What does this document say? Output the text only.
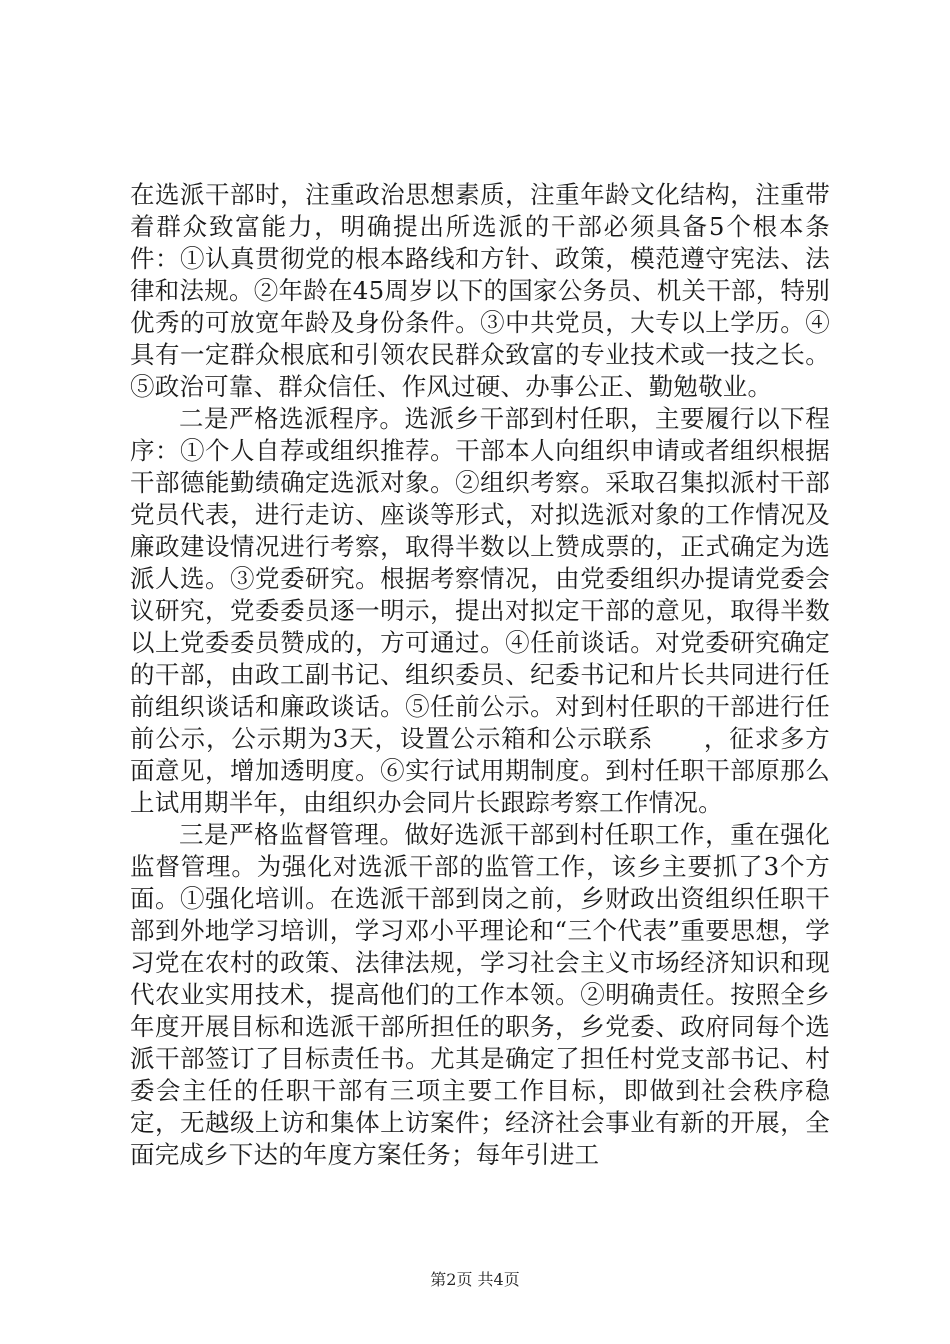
在选派干部时，注重政治思想素质，注重年龄文化结构，注重带着群众致富能力，明确提出所选派的干部必须具备5个根本条件：①认真贯彻党的根本路线和方针、政策，模范遵守宪法、法律和法规。②年龄在45周岁以下的国家公务员、机关干部，特别优秀的可放宽年龄及身份条件。③中共党员，大专以上学历。④具有一定群众根底和引领农民群众致富的专业技术或一技之长。⑤政治可靠、群众信任、作风过硬、办事公正、勤勉敬业。

二是严格选派程序。选派乡干部到村任职，主要履行以下程序：①个人自荐或组织推荐。干部本人向组织申请或者组织根据干部德能勤绩确定选派对象。②组织考察。采取召集拟派村干部党员代表，进行走访、座谈等形式，对拟选派对象的工作情况及廉政建设情况进行考察，取得半数以上赞成票的，正式确定为选派人选。③党委研究。根据考察情况，由党委组织办提请党委会议研究，党委委员逐一明示，提出对拟定干部的意见，取得半数以上党委委员赞成的，方可通过。④任前谈话。对党委研究确定的干部，由政工副书记、组织委员、纪委书记和片长共同进行任前组织谈话和廉政谈话。⑤任前公示。对到村任职的干部进行任前公示，公示期为3天，设置公示箱和公示联系　　，征求多方面意见，增加透明度。⑥实行试用期制度。到村任职干部原那么上试用期半年，由组织办会同片长跟踪考察工作情况。

三是严格监督管理。做好选派干部到村任职工作，重在强化监督管理。为强化对选派干部的监管工作，该乡主要抓了3个方面。①强化培训。在选派干部到岗之前，乡财政出资组织任职干部到外地学习培训，学习邓小平理论和“三个代表”重要思想，学习党在农村的政策、法律法规，学习社会主义市场经济知识和现代农业实用技术，提高他们的工作本领。②明确责任。按照全乡年度开展目标和选派干部所担任的职务，乡党委、政府同每个选派干部签订了目标责任书。尤其是确定了担任村党支部书记、村委会主任的任职干部有三项主要工作目标，即做到社会秩序稳定，无越级上访和集体上访案件；经济社会事业有新的开展，全面完成乡下达的年度方案任务；每年引进工

第2页 共4页
